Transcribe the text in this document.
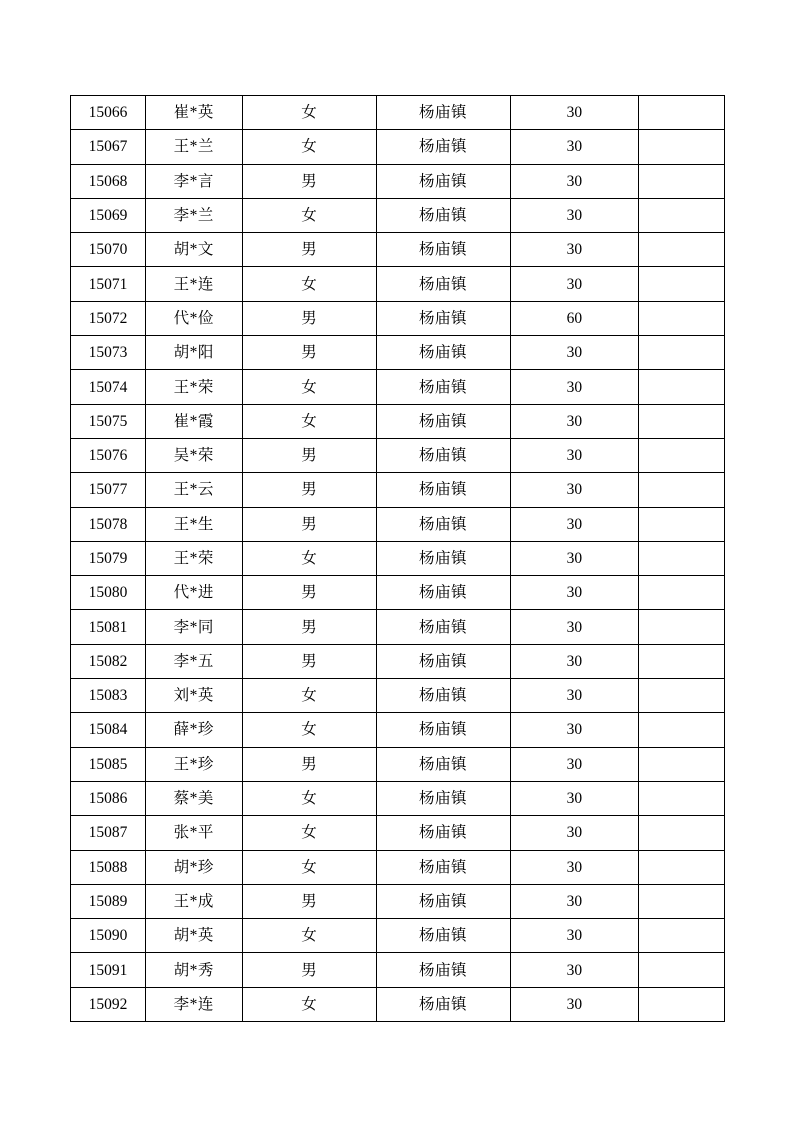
15066	崔*英	女	杨庙镇	30	
15067	王*兰	女	杨庙镇	30	
15068	李*言	男	杨庙镇	30	
15069	李*兰	女	杨庙镇	30	
15070	胡*文	男	杨庙镇	30	
15071	王*连	女	杨庙镇	30	
15072	代*俭	男	杨庙镇	60	
15073	胡*阳	男	杨庙镇	30	
15074	王*荣	女	杨庙镇	30	
15075	崔*霞	女	杨庙镇	30	
15076	吴*荣	男	杨庙镇	30	
15077	王*云	男	杨庙镇	30	
15078	王*生	男	杨庙镇	30	
15079	王*荣	女	杨庙镇	30	
15080	代*进	男	杨庙镇	30	
15081	李*同	男	杨庙镇	30	
15082	李*五	男	杨庙镇	30	
15083	刘*英	女	杨庙镇	30	
15084	薛*珍	女	杨庙镇	30	
15085	王*珍	男	杨庙镇	30	
15086	蔡*美	女	杨庙镇	30	
15087	张*平	女	杨庙镇	30	
15088	胡*珍	女	杨庙镇	30	
15089	王*成	男	杨庙镇	30	
15090	胡*英	女	杨庙镇	30	
15091	胡*秀	男	杨庙镇	30	
15092	李*连	女	杨庙镇	30	
